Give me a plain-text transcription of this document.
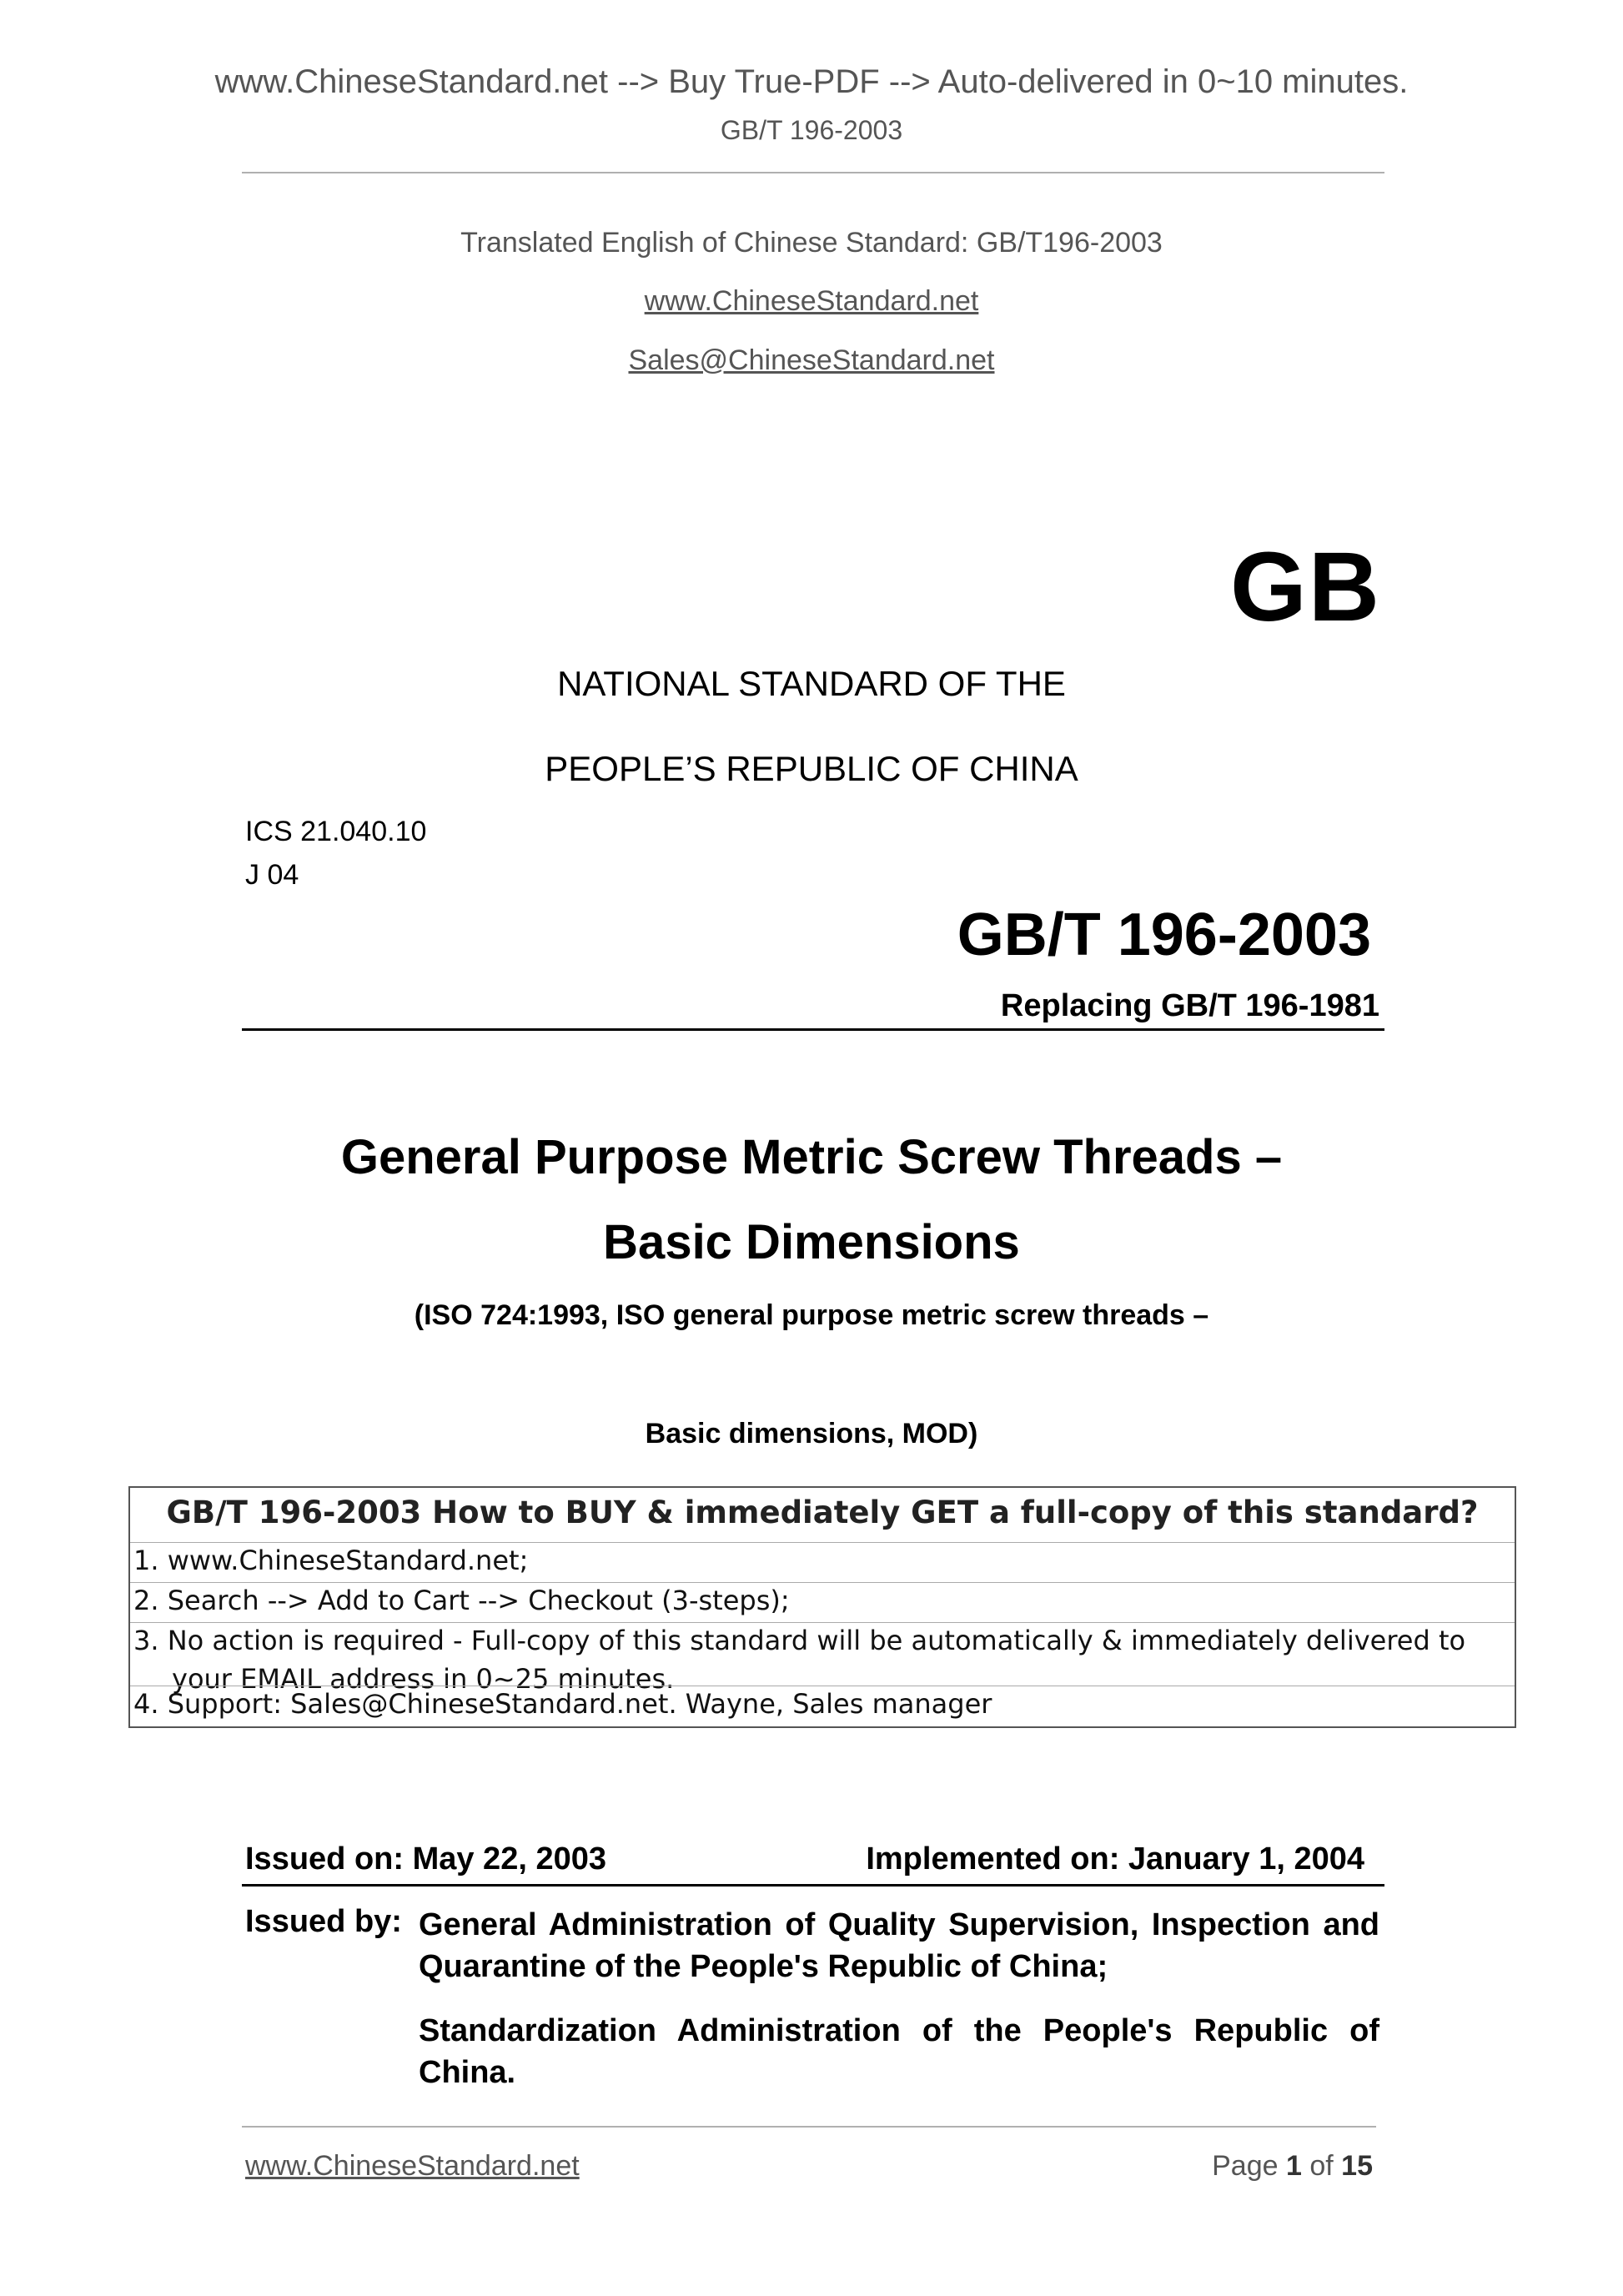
www.ChineseStandard.net --> Buy True-PDF --> Auto-delivered in 0~10 minutes.
GB/T 196-2003
Translated English of Chinese Standard: GB/T196-2003
www.ChineseStandard.net
Sales@ChineseStandard.net
GB
NATIONAL STANDARD OF THE
PEOPLE’S REPUBLIC OF CHINA
ICS 21.040.10
J 04
GB/T 196-2003
Replacing GB/T 196-1981
General Purpose Metric Screw Threads –
Basic Dimensions
(ISO 724:1993, ISO general purpose metric screw threads –
Basic dimensions, MOD)
GB/T 196-2003 How to BUY & immediately GET a full-copy of this standard?
1. www.ChineseStandard.net;
2. Search --> Add to Cart --> Checkout (3-steps);
3. No action is required - Full-copy of this standard will be automatically & immediately delivered to
your EMAIL address in 0~25 minutes.
4. Support: Sales@ChineseStandard.net. Wayne, Sales manager
Issued on: May 22, 2003	Implemented on: January 1, 2004
Issued by: General Administration of Quality Supervision, Inspection and Quarantine of the People's Republic of China;
Standardization Administration of the People's Republic of China.
www.ChineseStandard.net	Page 1 of 15
